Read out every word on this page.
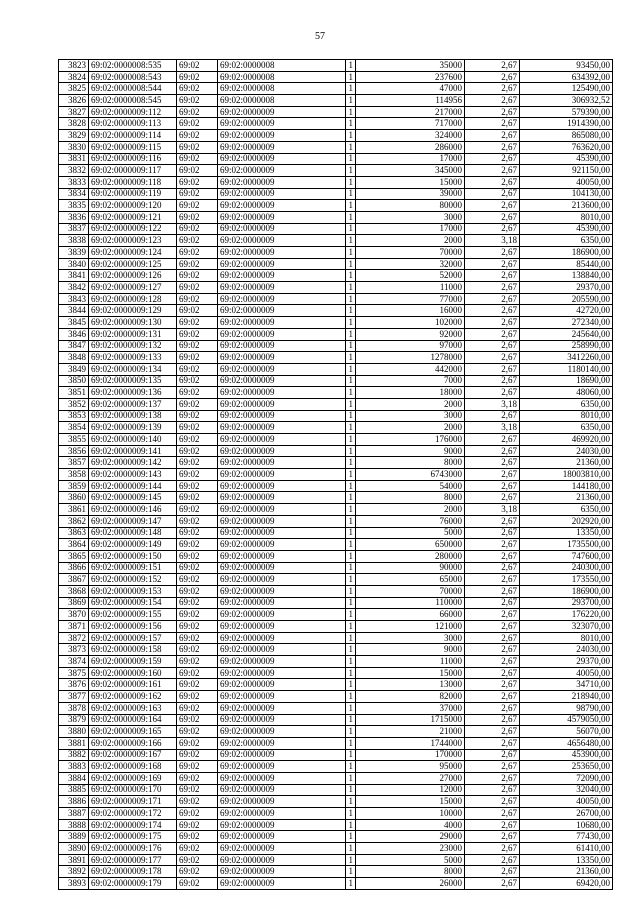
57
3823	69:02:0000008:535	69:02	69:02:0000008	1	35000	2,67	93450,00
3824	69:02:0000008:543	69:02	69:02:0000008	1	237600	2,67	634392,00
3825	69:02:0000008:544	69:02	69:02:0000008	1	47000	2,67	125490,00
3826	69:02:0000008:545	69:02	69:02:0000008	1	114956	2,67	306932,52
3827	69:02:0000009:112	69:02	69:02:0000009	1	217000	2,67	579390,00
3828	69:02:0000009:113	69:02	69:02:0000009	1	717000	2,67	1914390,00
3829	69:02:0000009:114	69:02	69:02:0000009	1	324000	2,67	865080,00
3830	69:02:0000009:115	69:02	69:02:0000009	1	286000	2,67	763620,00
3831	69:02:0000009:116	69:02	69:02:0000009	1	17000	2,67	45390,00
3832	69:02:0000009:117	69:02	69:02:0000009	1	345000	2,67	921150,00
3833	69:02:0000009:118	69:02	69:02:0000009	1	15000	2,67	40050,00
3834	69:02:0000009:119	69:02	69:02:0000009	1	39000	2,67	104130,00
3835	69:02:0000009:120	69:02	69:02:0000009	1	80000	2,67	213600,00
3836	69:02:0000009:121	69:02	69:02:0000009	1	3000	2,67	8010,00
3837	69:02:0000009:122	69:02	69:02:0000009	1	17000	2,67	45390,00
3838	69:02:0000009:123	69:02	69:02:0000009	1	2000	3,18	6350,00
3839	69:02:0000009:124	69:02	69:02:0000009	1	70000	2,67	186900,00
3840	69:02:0000009:125	69:02	69:02:0000009	1	32000	2,67	85440,00
3841	69:02:0000009:126	69:02	69:02:0000009	1	52000	2,67	138840,00
3842	69:02:0000009:127	69:02	69:02:0000009	1	11000	2,67	29370,00
3843	69:02:0000009:128	69:02	69:02:0000009	1	77000	2,67	205590,00
3844	69:02:0000009:129	69:02	69:02:0000009	1	16000	2,67	42720,00
3845	69:02:0000009:130	69:02	69:02:0000009	1	102000	2,67	272340,00
3846	69:02:0000009:131	69:02	69:02:0000009	1	92000	2,67	245640,00
3847	69:02:0000009:132	69:02	69:02:0000009	1	97000	2,67	258990,00
3848	69:02:0000009:133	69:02	69:02:0000009	1	1278000	2,67	3412260,00
3849	69:02:0000009:134	69:02	69:02:0000009	1	442000	2,67	1180140,00
3850	69:02:0000009:135	69:02	69:02:0000009	1	7000	2,67	18690,00
3851	69:02:0000009:136	69:02	69:02:0000009	1	18000	2,67	48060,00
3852	69:02:0000009:137	69:02	69:02:0000009	1	2000	3,18	6350,00
3853	69:02:0000009:138	69:02	69:02:0000009	1	3000	2,67	8010,00
3854	69:02:0000009:139	69:02	69:02:0000009	1	2000	3,18	6350,00
3855	69:02:0000009:140	69:02	69:02:0000009	1	176000	2,67	469920,00
3856	69:02:0000009:141	69:02	69:02:0000009	1	9000	2,67	24030,00
3857	69:02:0000009:142	69:02	69:02:0000009	1	8000	2,67	21360,00
3858	69:02:0000009:143	69:02	69:02:0000009	1	6743000	2,67	18003810,00
3859	69:02:0000009:144	69:02	69:02:0000009	1	54000	2,67	144180,00
3860	69:02:0000009:145	69:02	69:02:0000009	1	8000	2,67	21360,00
3861	69:02:0000009:146	69:02	69:02:0000009	1	2000	3,18	6350,00
3862	69:02:0000009:147	69:02	69:02:0000009	1	76000	2,67	202920,00
3863	69:02:0000009:148	69:02	69:02:0000009	1	5000	2,67	13350,00
3864	69:02:0000009:149	69:02	69:02:0000009	1	650000	2,67	1735500,00
3865	69:02:0000009:150	69:02	69:02:0000009	1	280000	2,67	747600,00
3866	69:02:0000009:151	69:02	69:02:0000009	1	90000	2,67	240300,00
3867	69:02:0000009:152	69:02	69:02:0000009	1	65000	2,67	173550,00
3868	69:02:0000009:153	69:02	69:02:0000009	1	70000	2,67	186900,00
3869	69:02:0000009:154	69:02	69:02:0000009	1	110000	2,67	293700,00
3870	69:02:0000009:155	69:02	69:02:0000009	1	66000	2,67	176220,00
3871	69:02:0000009:156	69:02	69:02:0000009	1	121000	2,67	323070,00
3872	69:02:0000009:157	69:02	69:02:0000009	1	3000	2,67	8010,00
3873	69:02:0000009:158	69:02	69:02:0000009	1	9000	2,67	24030,00
3874	69:02:0000009:159	69:02	69:02:0000009	1	11000	2,67	29370,00
3875	69:02:0000009:160	69:02	69:02:0000009	1	15000	2,67	40050,00
3876	69:02:0000009:161	69:02	69:02:0000009	1	13000	2,67	34710,00
3877	69:02:0000009:162	69:02	69:02:0000009	1	82000	2,67	218940,00
3878	69:02:0000009:163	69:02	69:02:0000009	1	37000	2,67	98790,00
3879	69:02:0000009:164	69:02	69:02:0000009	1	1715000	2,67	4579050,00
3880	69:02:0000009:165	69:02	69:02:0000009	1	21000	2,67	56070,00
3881	69:02:0000009:166	69:02	69:02:0000009	1	1744000	2,67	4656480,00
3882	69:02:0000009:167	69:02	69:02:0000009	1	170000	2,67	453900,00
3883	69:02:0000009:168	69:02	69:02:0000009	1	95000	2,67	253650,00
3884	69:02:0000009:169	69:02	69:02:0000009	1	27000	2,67	72090,00
3885	69:02:0000009:170	69:02	69:02:0000009	1	12000	2,67	32040,00
3886	69:02:0000009:171	69:02	69:02:0000009	1	15000	2,67	40050,00
3887	69:02:0000009:172	69:02	69:02:0000009	1	10000	2,67	26700,00
3888	69:02:0000009:174	69:02	69:02:0000009	1	4000	2,67	10680,00
3889	69:02:0000009:175	69:02	69:02:0000009	1	29000	2,67	77430,00
3890	69:02:0000009:176	69:02	69:02:0000009	1	23000	2,67	61410,00
3891	69:02:0000009:177	69:02	69:02:0000009	1	5000	2,67	13350,00
3892	69:02:0000009:178	69:02	69:02:0000009	1	8000	2,67	21360,00
3893	69:02:0000009:179	69:02	69:02:0000009	1	26000	2,67	69420,00
